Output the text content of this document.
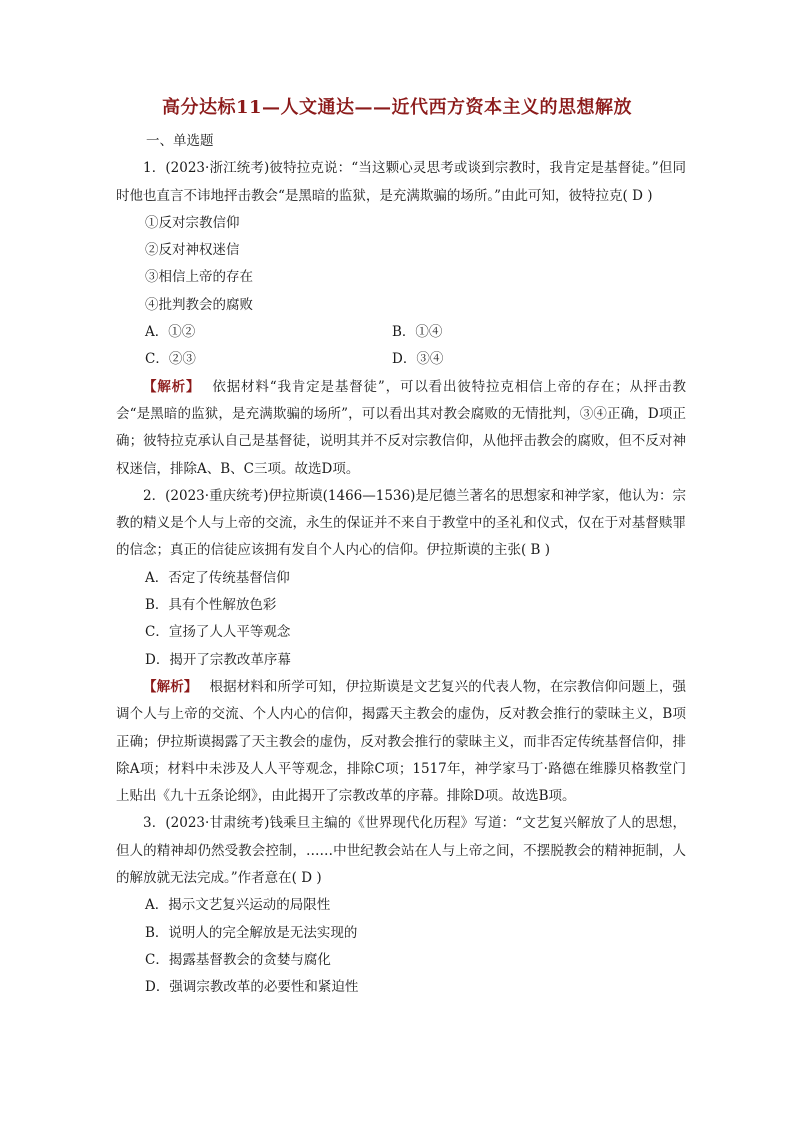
高分达标11—人文通达——近代西方资本主义的思想解放

一、单选题

1．(2023·浙江统考)彼特拉克说：“当这颗心灵思考或谈到宗教时，我肯定是基督徒。”但同时他也直言不讳地抨击教会“是黑暗的监狱，是充满欺骗的场所。”由此可知，彼特拉克( D )

①反对宗教信仰

②反对神权迷信

③相信上帝的存在

④批判教会的腐败

A．①②	B．①④
C．②③	D．③④

【解析】 依据材料“我肯定是基督徒”，可以看出彼特拉克相信上帝的存在；从抨击教会“是黑暗的监狱，是充满欺骗的场所”，可以看出其对教会腐败的无情批判，③④正确，D项正确；彼特拉克承认自己是基督徒，说明其并不反对宗教信仰，从他抨击教会的腐败，但不反对神权迷信，排除A、B、C三项。故选D项。

2．(2023·重庆统考)伊拉斯谟(1466—1536)是尼德兰著名的思想家和神学家，他认为：宗教的精义是个人与上帝的交流，永生的保证并不来自于教堂中的圣礼和仪式，仅在于对基督赎罪的信念；真正的信徒应该拥有发自个人内心的信仰。伊拉斯谟的主张( B )

A．否定了传统基督信仰

B．具有个性解放色彩

C．宣扬了人人平等观念

D．揭开了宗教改革序幕

【解析】 根据材料和所学可知，伊拉斯谟是文艺复兴的代表人物，在宗教信仰问题上，强调个人与上帝的交流、个人内心的信仰，揭露天主教会的虚伪，反对教会推行的蒙昧主义，B项正确；伊拉斯谟揭露了天主教会的虚伪，反对教会推行的蒙昧主义，而非否定传统基督信仰，排除A项；材料中未涉及人人平等观念，排除C项；1517年，神学家马丁·路德在维滕贝格教堂门上贴出《九十五条论纲》，由此揭开了宗教改革的序幕。排除D项。故选B项。

3．(2023·甘肃统考)钱乘旦主编的《世界现代化历程》写道：“文艺复兴解放了人的思想，但人的精神却仍然受教会控制，……中世纪教会站在人与上帝之间，不摆脱教会的精神扼制，人的解放就无法完成。”作者意在( D )

A．揭示文艺复兴运动的局限性

B．说明人的完全解放是无法实现的

C．揭露基督教会的贪婪与腐化

D．强调宗教改革的必要性和紧迫性
